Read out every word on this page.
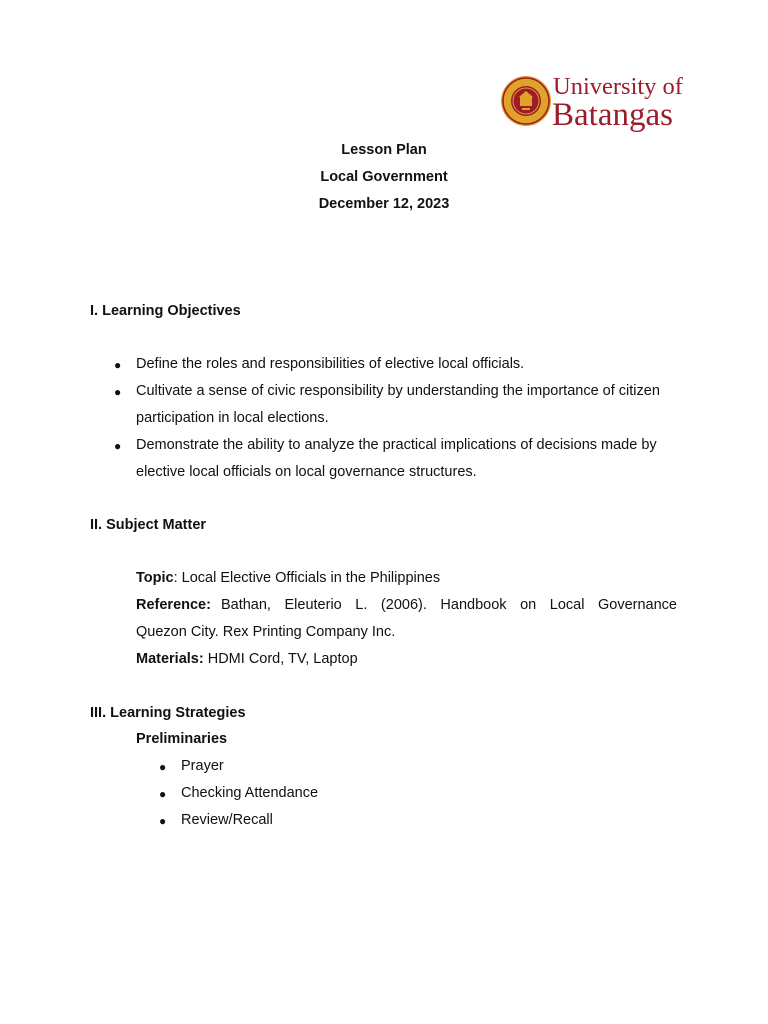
University of
Batangas
Lesson Plan
Local Government
December 12, 2023
I. Learning Objectives
● Define the roles and responsibilities of elective local officials.
● Cultivate a sense of civic responsibility by understanding the importance of citizen
participation in local elections.
● Demonstrate the ability to analyze the practical implications of decisions made by
elective local officials on local governance structures.
II. Subject Matter
Topic: Local Elective Officials in the Philippines
Reference: Bathan, Eleuterio L. (2006). Handbook on Local Governance
Quezon City. Rex Printing Company Inc.
Materials: HDMI Cord, TV, Laptop
III. Learning Strategies
Preliminaries
● Prayer
● Checking Attendance
● Review/Recall
